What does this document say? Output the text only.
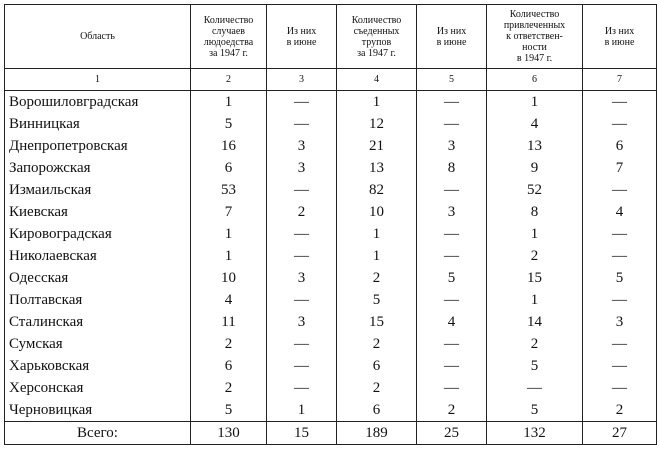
Область	Количество
случаев
людоедства
за 1947 г.	Из них
в июне	Количество
съеденных
трупов
за 1947 г.	Из них
в июне	Количество
привлеченных
к ответствен-
ности
в 1947 г.	Из них
в июне
1	2	3	4	5	6	7
Ворошиловградская	1	—	1	—	1	—
Винницкая	5	—	12	—	4	—
Днепропетровская	16	3	21	3	13	6
Запорожская	6	3	13	8	9	7
Измаильская	53	—	82	—	52	—
Киевская	7	2	10	3	8	4
Кировоградская	1	—	1	—	1	—
Николаевская	1	—	1	—	2	—
Одесская	10	3	2	5	15	5
Полтавская	4	—	5	—	1	—
Сталинская	11	3	15	4	14	3
Сумская	2	—	2	—	2	—
Харьковская	6	—	6	—	5	—
Херсонская	2	—	2	—	—	—
Черновицкая	5	1	6	2	5	2
Всего:	130	15	189	25	132	27
